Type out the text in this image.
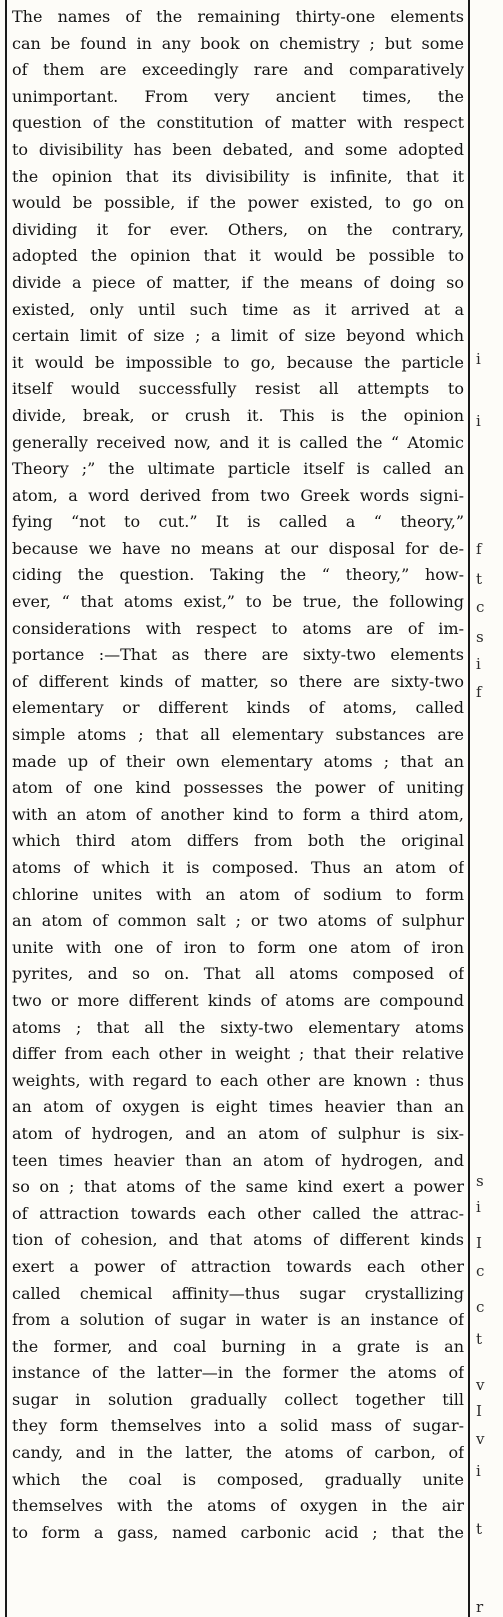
The names of the remaining thirty-one elements
can be found in any book on chemistry ; but some
of them are exceedingly rare and comparatively
unimportant. From very ancient times, the
question of the constitution of matter with respect
to divisibility has been debated, and some adopted
the opinion that its divisibility is infinite, that it
would be possible, if the power existed, to go on
dividing it for ever. Others, on the contrary,
adopted the opinion that it would be possible to
divide a piece of matter, if the means of doing so
existed, only until such time as it arrived at a
certain limit of size ; a limit of size beyond which
it would be impossible to go, because the particle
itself would successfully resist all attempts to
divide, break, or crush it. This is the opinion
generally received now, and it is called the “ Atomic
Theory ;” the ultimate particle itself is called an
atom, a word derived from two Greek words signi-
fying “not to cut.” It is called a “ theory,”
because we have no means at our disposal for de-
ciding the question. Taking the “ theory,” how-
ever, “ that atoms exist,” to be true, the following
considerations with respect to atoms are of im-
portance :—That as there are sixty-two elements
of different kinds of matter, so there are sixty-two
elementary or different kinds of atoms, called
simple atoms ; that all elementary substances are
made up of their own elementary atoms ; that an
atom of one kind possesses the power of uniting
with an atom of another kind to form a third atom,
which third atom differs from both the original
atoms of which it is composed. Thus an atom of
chlorine unites with an atom of sodium to form
an atom of common salt ; or two atoms of sulphur
unite with one of iron to form one atom of iron
pyrites, and so on. That all atoms composed of
two or more different kinds of atoms are compound
atoms ; that all the sixty-two elementary atoms
differ from each other in weight ; that their relative
weights, with regard to each other are known : thus
an atom of oxygen is eight times heavier than an
atom of hydrogen, and an atom of sulphur is six-
teen times heavier than an atom of hydrogen, and
so on ; that atoms of the same kind exert a power
of attraction towards each other called the attrac-
tion of cohesion, and that atoms of different kinds
exert a power of attraction towards each other
called chemical affinity—thus sugar crystallizing
from a solution of sugar in water is an instance of
the former, and coal burning in a grate is an
instance of the latter—in the former the atoms of
sugar in solution gradually collect together till
they form themselves into a solid mass of sugar-
candy, and in the latter, the atoms of carbon, of
which the coal is composed, gradually unite
themselves with the atoms of oxygen in the air
to form a gass, named carbonic acid ; that the
i
i
f
t
c
s
i
f
s
i
I
c
c
t
v
I
v
i
t
r
